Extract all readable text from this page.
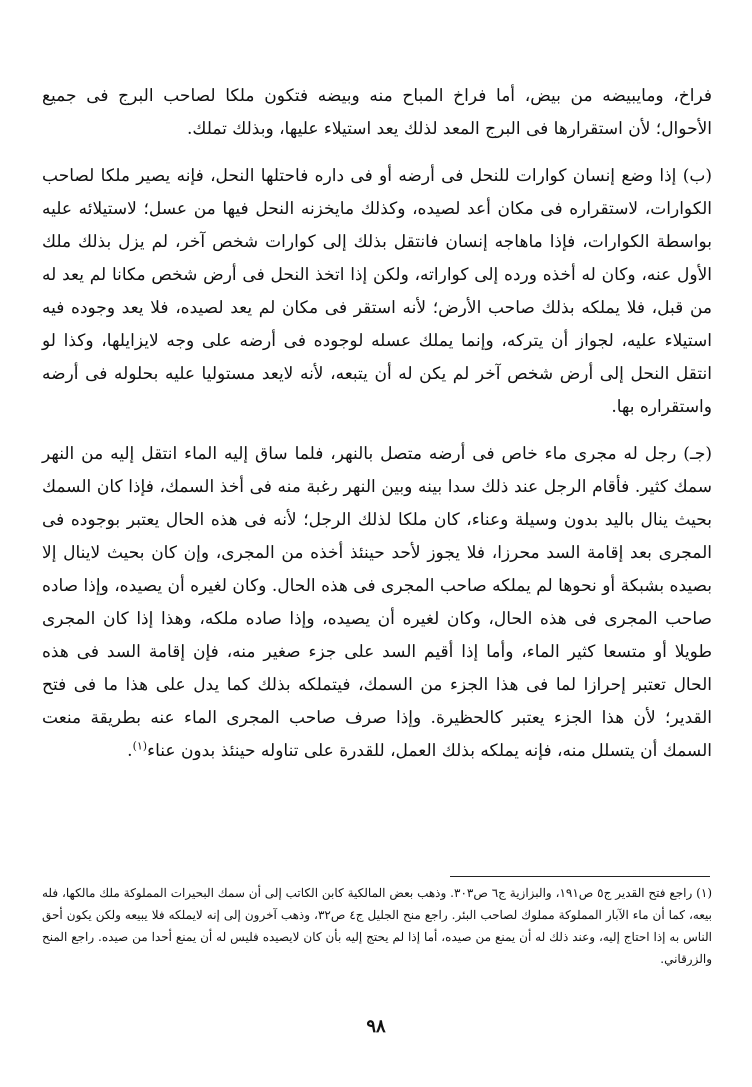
فراخ، ومايبيضه من بيض، أما فراخ المباح منه وبيضه فتكون ملكا لصاحب البرج فى جميع الأحوال؛ لأن استقرارها فى البرج المعد لذلك يعد استيلاء عليها، وبذلك تملك.

(ب) إذا وضع إنسان كوارات للنحل فى أرضه أو فى داره فاحتلها النحل، فإنه يصير ملكا لصاحب الكوارات، لاستقراره فى مكان أعد لصيده، وكذلك مايخزنه النحل فيها من عسل؛ لاستيلائه عليه بواسطة الكوارات، فإذا ماهاجه إنسان فانتقل بذلك إلى كوارات شخص آخر، لم يزل بذلك ملك الأول عنه، وكان له أخذه ورده إلى كواراته، ولكن إذا اتخذ النحل فى أرض شخص مكانا لم يعد له من قبل، فلا يملكه بذلك صاحب الأرض؛ لأنه استقر فى مكان لم يعد لصيده، فلا يعد وجوده فيه استيلاء عليه، لجواز أن يتركه، وإنما يملك عسله لوجوده فى أرضه على وجه لايزايلها، وكذا لو انتقل النحل إلى أرض شخص آخر لم يكن له أن يتبعه، لأنه لايعد مستوليا عليه بحلوله فى أرضه واستقراره بها.

(جـ) رجل له مجرى ماء خاص فى أرضه متصل بالنهر، فلما ساق إليه الماء انتقل إليه من النهر سمك كثير. فأقام الرجل عند ذلك سدا بينه وبين النهر رغبة منه فى أخذ السمك، فإذا كان السمك بحيث ينال باليد بدون وسيلة وعناء، كان ملكا لذلك الرجل؛ لأنه فى هذه الحال يعتبر بوجوده فى المجرى بعد إقامة السد محرزا، فلا يجوز لأحد حينئذ أخذه من المجرى، وإن كان بحيث لاينال إلا بصيده بشبكة أو نحوها لم يملكه صاحب المجرى فى هذه الحال. وكان لغيره أن يصيده، وإذا صاده صاحب المجرى فى هذه الحال، وكان لغيره أن يصيده، وإذا صاده ملكه، وهذا إذا كان المجرى طويلا أو متسعا كثير الماء، وأما إذا أقيم السد على جزء صغير منه، فإن إقامة السد فى هذه الحال تعتبر إحرازا لما فى هذا الجزء من السمك، فيتملكه بذلك كما يدل على هذا ما فى فتح القدير؛ لأن هذا الجزء يعتبر كالحظيرة. وإذا صرف صاحب المجرى الماء عنه بطريقة منعت السمك أن يتسلل منه، فإنه يملكه بذلك العمل، للقدرة على تناوله حينئذ بدون عناء$^{(١)}$.

(١) راجع فتح القدير ج٥ ص١٩١، والبزازية ج٦ ص٣٠٣. وذهب بعض المالكية كابن الكاتب إلى أن سمك البحيرات المملوكة ملك مالكها، فله بيعه، كما أن ماء الآبار المملوكة مملوك لصاحب البئر. راجع منح الجليل ج٤ ص٣٢، وذهب آخرون إلى إنه لايملكه فلا يبيعه ولكن يكون أحق الناس به إذا احتاج إليه، وعند ذلك له أن يمنع من صيده، أما إذا لم يحتج إليه بأن كان لايصيده فليس له أن يمنع أحدا من صيده. راجع المنح والزرقاني.

٩٨
